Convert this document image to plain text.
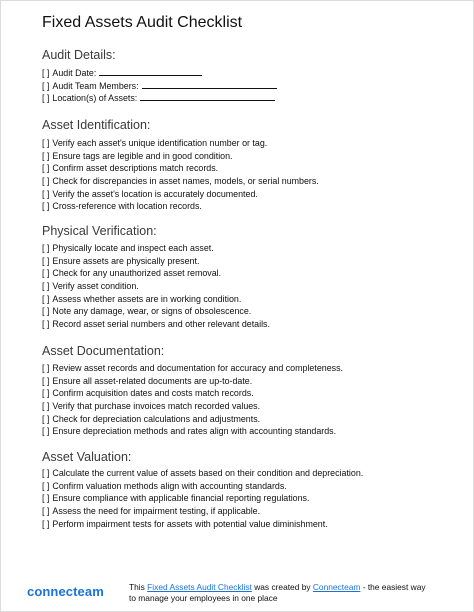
Fixed Assets Audit Checklist
Audit Details:
[ ] Audit Date:
[ ] Audit Team Members:
[ ] Location(s) of Assets:
Asset Identification:
[ ] Verify each asset's unique identification number or tag.
[ ] Ensure tags are legible and in good condition.
[ ] Confirm asset descriptions match records.
[ ] Check for discrepancies in asset names, models, or serial numbers.
[ ] Verify the asset's location is accurately documented.
[ ] Cross-reference with location records.
Physical Verification:
[ ] Physically locate and inspect each asset.
[ ] Ensure assets are physically present.
[ ] Check for any unauthorized asset removal.
[ ] Verify asset condition.
[ ] Assess whether assets are in working condition.
[ ] Note any damage, wear, or signs of obsolescence.
[ ] Record asset serial numbers and other relevant details.
Asset Documentation:
[ ] Review asset records and documentation for accuracy and completeness.
[ ] Ensure all asset-related documents are up-to-date.
[ ] Confirm acquisition dates and costs match records.
[ ] Verify that purchase invoices match recorded values.
[ ] Check for depreciation calculations and adjustments.
[ ] Ensure depreciation methods and rates align with accounting standards.
Asset Valuation:
[ ] Calculate the current value of assets based on their condition and depreciation.
[ ] Confirm valuation methods align with accounting standards.
[ ] Ensure compliance with applicable financial reporting regulations.
[ ] Assess the need for impairment testing, if applicable.
[ ] Perform impairment tests for assets with potential value diminishment.
connecteam	This Fixed Assets Audit Checklist was created by Connecteam - the easiest way
to manage your employees in one place
